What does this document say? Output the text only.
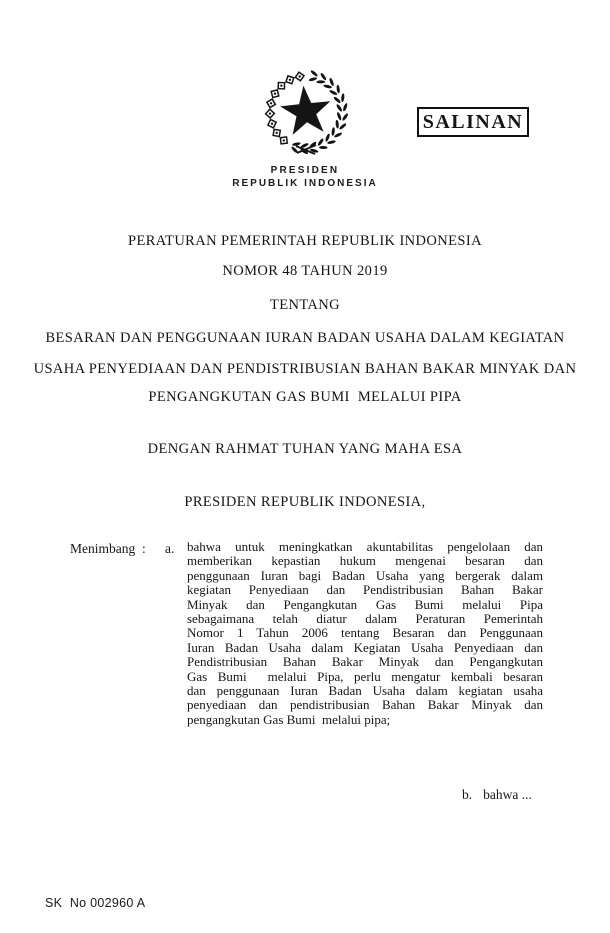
SALINAN
PRESIDEN
REPUBLIK INDONESIA
PERATURAN PEMERINTAH REPUBLIK INDONESIA
NOMOR 48 TAHUN 2019
TENTANG
BESARAN DAN PENGGUNAAN IURAN BADAN USAHA DALAM KEGIATAN
USAHA PENYEDIAAN DAN PENDISTRIBUSIAN BAHAN BAKAR MINYAK DAN
PENGANGKUTAN GAS BUMI  MELALUI PIPA
DENGAN RAHMAT TUHAN YANG MAHA ESA
PRESIDEN REPUBLIK INDONESIA,
Menimbang : a. bahwa untuk meningkatkan akuntabilitas pengelolaan dan
memberikan kepastian hukum mengenai besaran dan
penggunaan Iuran bagi Badan Usaha yang bergerak dalam
kegiatan Penyediaan dan Pendistribusian Bahan Bakar
Minyak dan Pengangkutan Gas Bumi melalui Pipa
sebagaimana telah diatur dalam Peraturan Pemerintah
Nomor 1 Tahun 2006 tentang Besaran dan Penggunaan
Iuran Badan Usaha dalam Kegiatan Usaha Penyediaan dan
Pendistribusian Bahan Bakar Minyak dan Pengangkutan
Gas Bumi  melalui Pipa, perlu mengatur kembali besaran
dan penggunaan Iuran Badan Usaha dalam kegiatan usaha
penyediaan dan pendistribusian Bahan Bakar Minyak dan
pengangkutan Gas Bumi  melalui pipa;
b. bahwa ...
SK  No 002960 A
